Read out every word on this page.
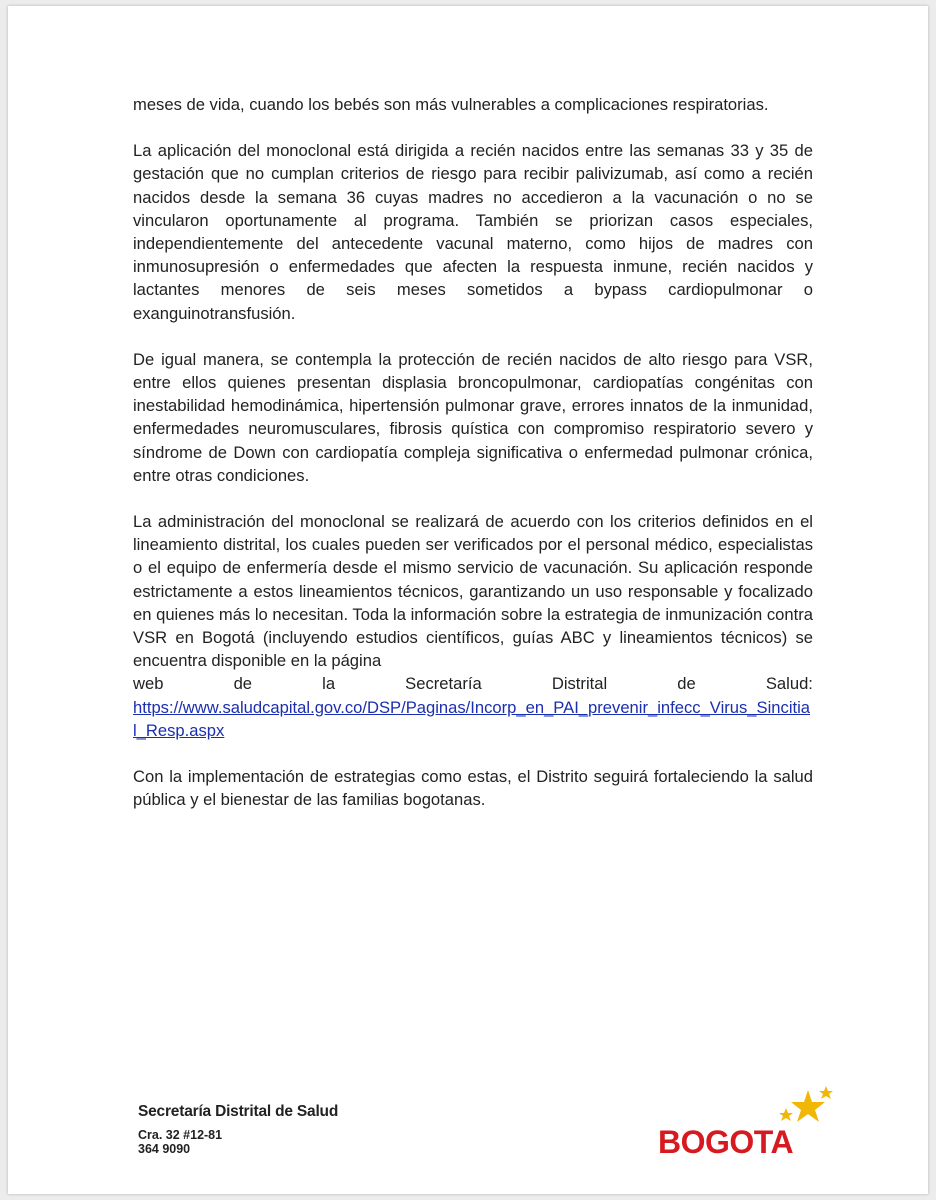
meses de vida, cuando los bebés son más vulnerables a complicaciones respiratorias.

La aplicación del monoclonal está dirigida a recién nacidos entre las semanas 33 y 35 de gestación que no cumplan criterios de riesgo para recibir palivizumab, así como a recién nacidos desde la semana 36 cuyas madres no accedieron a la vacunación o no se vincularon oportunamente al programa. También se priorizan casos especiales, independientemente del antecedente vacunal materno, como hijos de madres con inmunosupresión o enfermedades que afecten la respuesta inmune, recién nacidos y lactantes menores de seis meses sometidos a bypass cardiopulmonar o exanguinotransfusión.

De igual manera, se contempla la protección de recién nacidos de alto riesgo para VSR, entre ellos quienes presentan displasia broncopulmonar, cardiopatías congénitas con inestabilidad hemodinámica, hipertensión pulmonar grave, errores innatos de la inmunidad, enfermedades neuromusculares, fibrosis quística con compromiso respiratorio severo y síndrome de Down con cardiopatía compleja significativa o enfermedad pulmonar crónica, entre otras condiciones.

La administración del monoclonal se realizará de acuerdo con los criterios definidos en el lineamiento distrital, los cuales pueden ser verificados por el personal médico, especialistas o el equipo de enfermería desde el mismo servicio de vacunación. Su aplicación responde estrictamente a estos lineamientos técnicos, garantizando un uso responsable y focalizado en quienes más lo necesitan. Toda la información sobre la estrategia de inmunización contra VSR en Bogotá (incluyendo estudios científicos, guías ABC y lineamientos técnicos) se encuentra disponible en la página

web	de	la	Secretaría	Distrital	de	Salud:

https://www.saludcapital.gov.co/DSP/Paginas/Incorp_en_PAI_prevenir_infecc_Virus_Sincitial_Resp.aspx

Con la implementación de estrategias como estas, el Distrito seguirá fortaleciendo la salud pública y el bienestar de las familias bogotanas.

Secretaría Distrital de Salud
Cra. 32 #12-81
364 9090	BOGOTA
